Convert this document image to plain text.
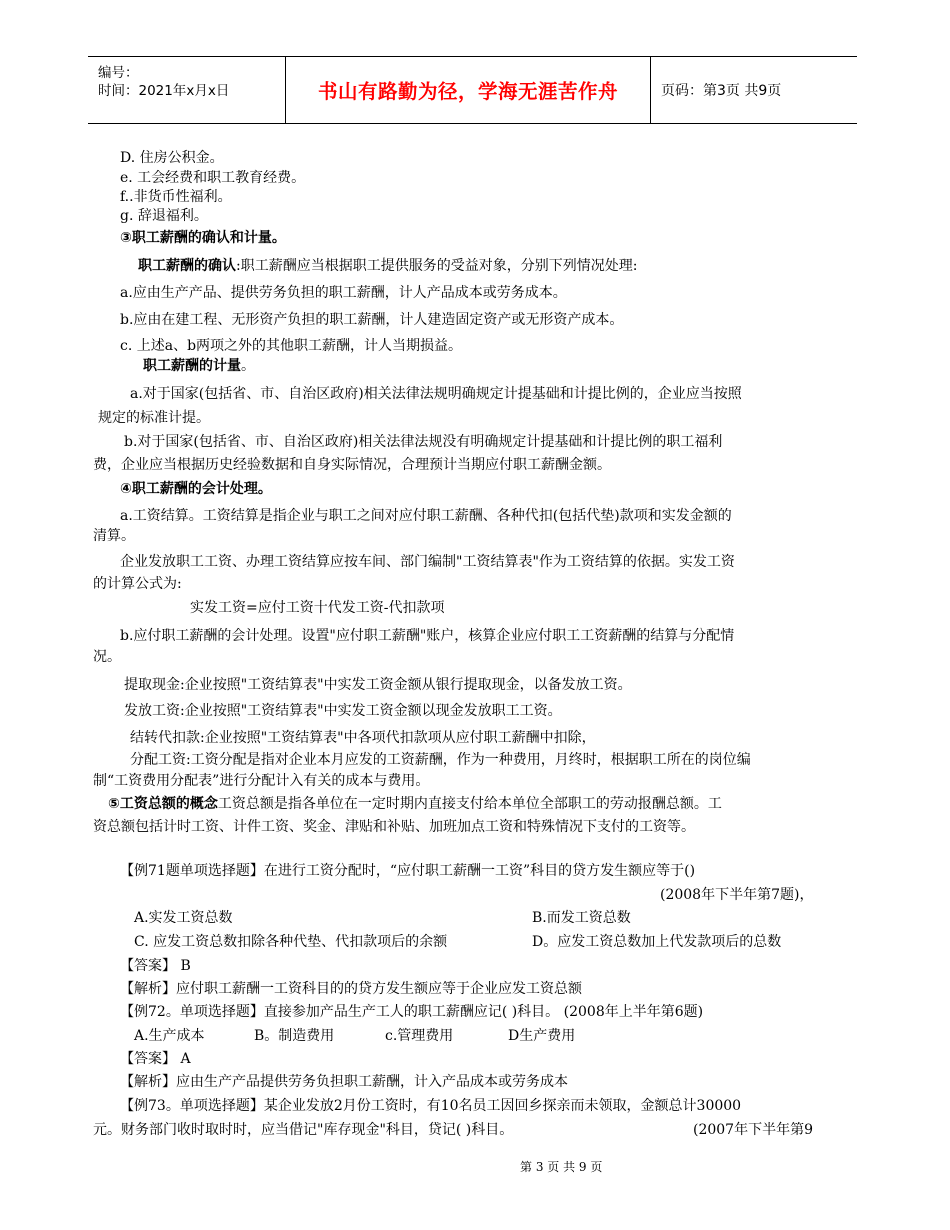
编号：
时间：2021年x月x日	书山有路勤为径，学海无涯苦作舟	页码：第3页 共9页
D. 住房公积金。
e. 工会经费和职工教育经费。
f..非货币性福利。
g. 辞退福利。
③职工薪酬的确认和计量。
职工薪酬的确认:职工薪酬应当根据职工提供服务的受益对象，分别下列情况处理:
a.应由生产产品、提供劳务负担的职工薪酬，计人产品成本或劳务成本。
b.应由在建工程、无形资产负担的职工薪酬，计人建造固定资产或无形资产成本。
c. 上述a、b两项之外的其他职工薪酬，计人当期损益。
职工薪酬的计量。
a.对于国家(包括省、市、自治区政府)相关法律法规明确规定计提基础和计提比例的，企业应当按照
规定的标准计提。
b.对于国家(包括省、市、自治区政府)相关法律法规没有明确规定计提基础和计提比例的职工福利
费，企业应当根据历史经验数据和自身实际情况，合理预计当期应付职工薪酬金额。
④职工薪酬的会计处理。
a.工资结算。工资结算是指企业与职工之间对应付职工薪酬、各种代扣(包括代垫)款项和实发金额的
清算。
企业发放职工工资、办理工资结算应按车间、部门编制"工资结算表"作为工资结算的依据。实发工资
的计算公式为:
实发工资=应付工资十代发工资-代扣款项
b.应付职工薪酬的会计处理。设置"应付职工薪酬"账户，核算企业应付职工工资薪酬的结算与分配情
况。
提取现金:企业按照"工资结算表"中实发工资金额从银行提取现金，以备发放工资。
发放工资:企业按照"工资结算表"中实发工资金额以现金发放职工工资。
结转代扣款:企业按照"工资结算表"中各项代扣款项从应付职工薪酬中扣除，
分配工资:工资分配是指对企业本月应发的工资薪酬，作为一种费用，月终时，根据职工所在的岗位编
制“工资费用分配表”进行分配计入有关的成本与费用。
⑤工资总额的概念工资总额是指各单位在一定时期内直接支付给本单位全部职工的劳动报酬总额。工
资总额包括计时工资、计件工资、奖金、津贴和补贴、加班加点工资和特殊情况下支付的工资等。
【例71题单项选择题】在进行工资分配时，“应付职工薪酬一工资”科目的贷方发生额应等于()
(2008年下半年第7题)，
A.实发工资总数	B.而发工资总数
C. 应发工资总数扣除各种代垫、代扣款项后的余额	D。应发工资总数加上代发款项后的总数
【答案】 B
【解析】应付职工薪酬一工资科目的的贷方发生额应等于企业应发工资总额
【例72。单项选择题】直接参加产品生产工人的职工薪酬应记( )科目。 (2008年上半年第6题)
A.生产成本	B。制造费用	c.管理费用	D生产费用
【答案】 A
【解析】应由生产产品提供劳务负担职工薪酬，计入产品成本或劳务成本
【例73。单项选择题】某企业发放2月份工资时，有10名员工因回乡探亲而未领取，金额总计30000
元。财务部门收时取时时，应当借记"库存现金"科目，贷记( )科目。	(2007年下半年第9
第 3 页 共 9 页
